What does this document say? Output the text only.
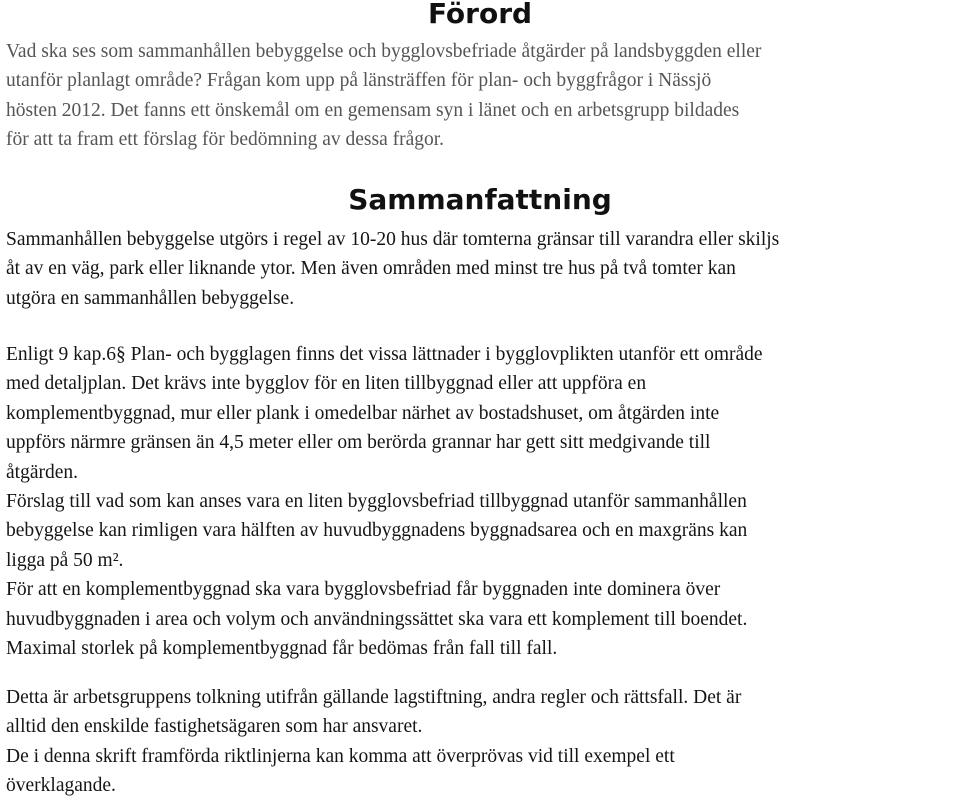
Förord
Vad ska ses som sammanhållen bebyggelse och bygglovsbefriade åtgärder på landsbyggden eller
utanför planlagt område? Frågan kom upp på länsträffen för plan- och byggfrågor i Nässjö
hösten 2012. Det fanns ett önskemål om en gemensam syn i länet och en arbetsgrupp bildades
för att ta fram ett förslag för bedömning av dessa frågor.
Sammanfattning
Sammanhållen bebyggelse utgörs i regel av 10-20 hus där tomterna gränsar till varandra eller skiljs
åt av en väg, park eller liknande ytor. Men även områden med minst tre hus på två tomter kan
utgöra en sammanhållen bebyggelse.
Enligt 9 kap.6§ Plan- och bygglagen finns det vissa lättnader i bygglovplikten utanför ett område
med detaljplan. Det krävs inte bygglov för en liten tillbyggnad eller att uppföra en
komplementbyggnad, mur eller plank i omedelbar närhet av bostadshuset, om åtgärden inte
uppförs närmre gränsen än 4,5 meter eller om berörda grannar har gett sitt medgivande till
åtgärden.
Förslag till vad som kan anses vara en liten bygglovsbefriad tillbyggnad utanför sammanhållen
bebyggelse kan rimligen vara hälften av huvudbyggnadens byggnadsarea och en maxgräns kan
ligga på 50 m².
För att en komplementbyggnad ska vara bygglovsbefriad får byggnaden inte dominera över
huvudbyggnaden i area och volym och användningssättet ska vara ett komplement till boendet.
Maximal storlek på komplementbyggnad får bedömas från fall till fall.
Detta är arbetsgruppens tolkning utifrån gällande lagstiftning, andra regler och rättsfall. Det är
alltid den enskilde fastighetsägaren som har ansvaret.
De i denna skrift framförda riktlinjerna kan komma att överprövas vid till exempel ett
överklagande.
